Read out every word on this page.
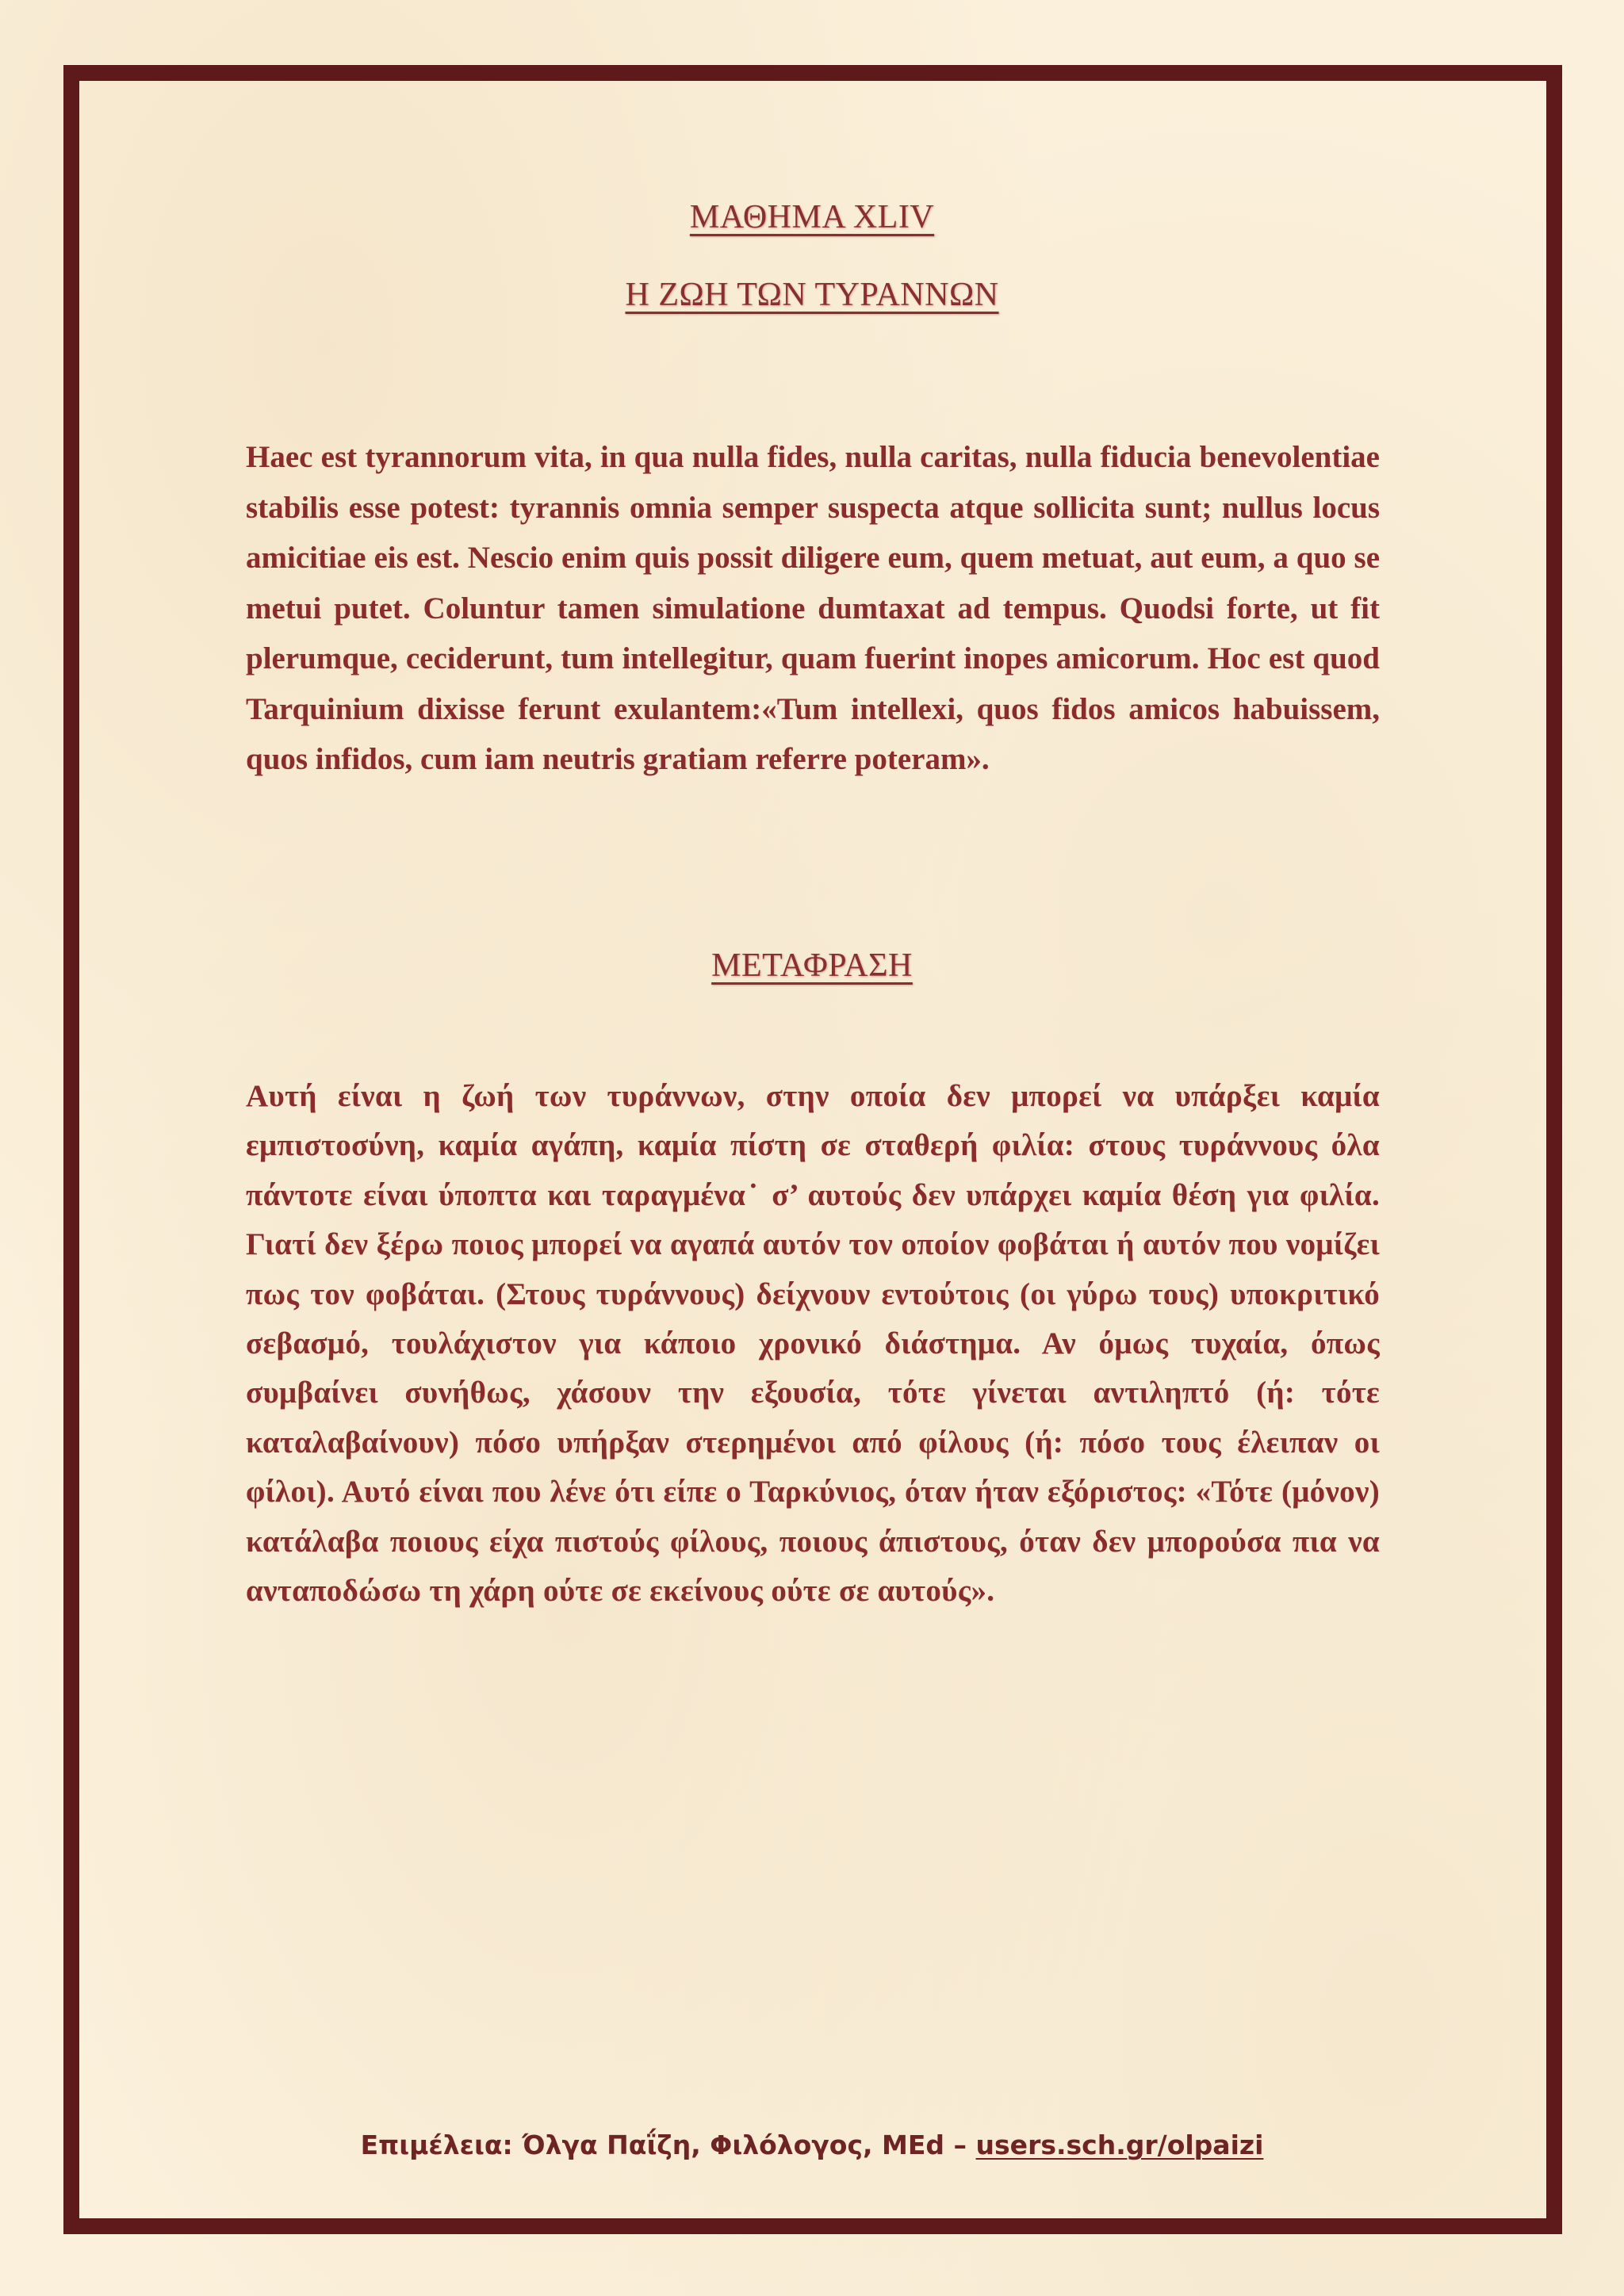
ΜΑΘΗΜΑ XLIV
Η ΖΩΗ ΤΩΝ ΤΥΡΑΝΝΩΝ
Haec est tyrannorum vita, in qua nulla fides, nulla caritas, nulla fiducia benevolentiae stabilis esse potest: tyrannis omnia semper suspecta atque sollicita sunt; nullus locus amicitiae eis est. Nescio enim quis possit diligere eum, quem metuat, aut eum, a quo se metui putet. Coluntur tamen simulatione dumtaxat ad tempus. Quodsi forte, ut fit plerumque, ceciderunt, tum intellegitur, quam fuerint inopes amicorum. Hoc est quod Tarquinium dixisse ferunt exulantem:«Tum intellexi, quos fidos amicos habuissem, quos infidos, cum iam neutris gratiam referre poteram».
ΜΕΤΑΦΡΑΣΗ
Αυτή είναι η ζωή των τυράννων, στην οποία δεν μπορεί να υπάρξει καμία εμπιστοσύνη, καμία αγάπη, καμία πίστη σε σταθερή φιλία: στους τυράννους όλα πάντοτε είναι ύποπτα και ταραγμένα˙ σ’ αυτούς δεν υπάρχει καμία θέση για φιλία. Γιατί δεν ξέρω ποιος μπορεί να αγαπά αυτόν τον οποίον φοβάται ή αυτόν που νομίζει πως τον φοβάται. (Στους τυράννους) δείχνουν εντούτοις (οι γύρω τους) υποκριτικό σεβασμό, τουλάχιστον για κάποιο χρονικό διάστημα. Αν όμως τυχαία, όπως συμβαίνει συνήθως, χάσουν την εξουσία, τότε γίνεται αντιληπτό (ή: τότε καταλαβαίνουν) πόσο υπήρξαν στερημένοι από φίλους (ή: πόσο τους έλειπαν οι φίλοι). Αυτό είναι που λένε ότι είπε ο Ταρκύνιος, όταν ήταν εξόριστος: «Τότε (μόνον) κατάλαβα ποιους είχα πιστούς φίλους, ποιους άπιστους, όταν δεν μπορούσα πια να ανταποδώσω τη χάρη ούτε σε εκείνους ούτε σε αυτούς».
Επιμέλεια: Όλγα Παΐζη, Φιλόλογος, MEd – users.sch.gr/olpaizi
